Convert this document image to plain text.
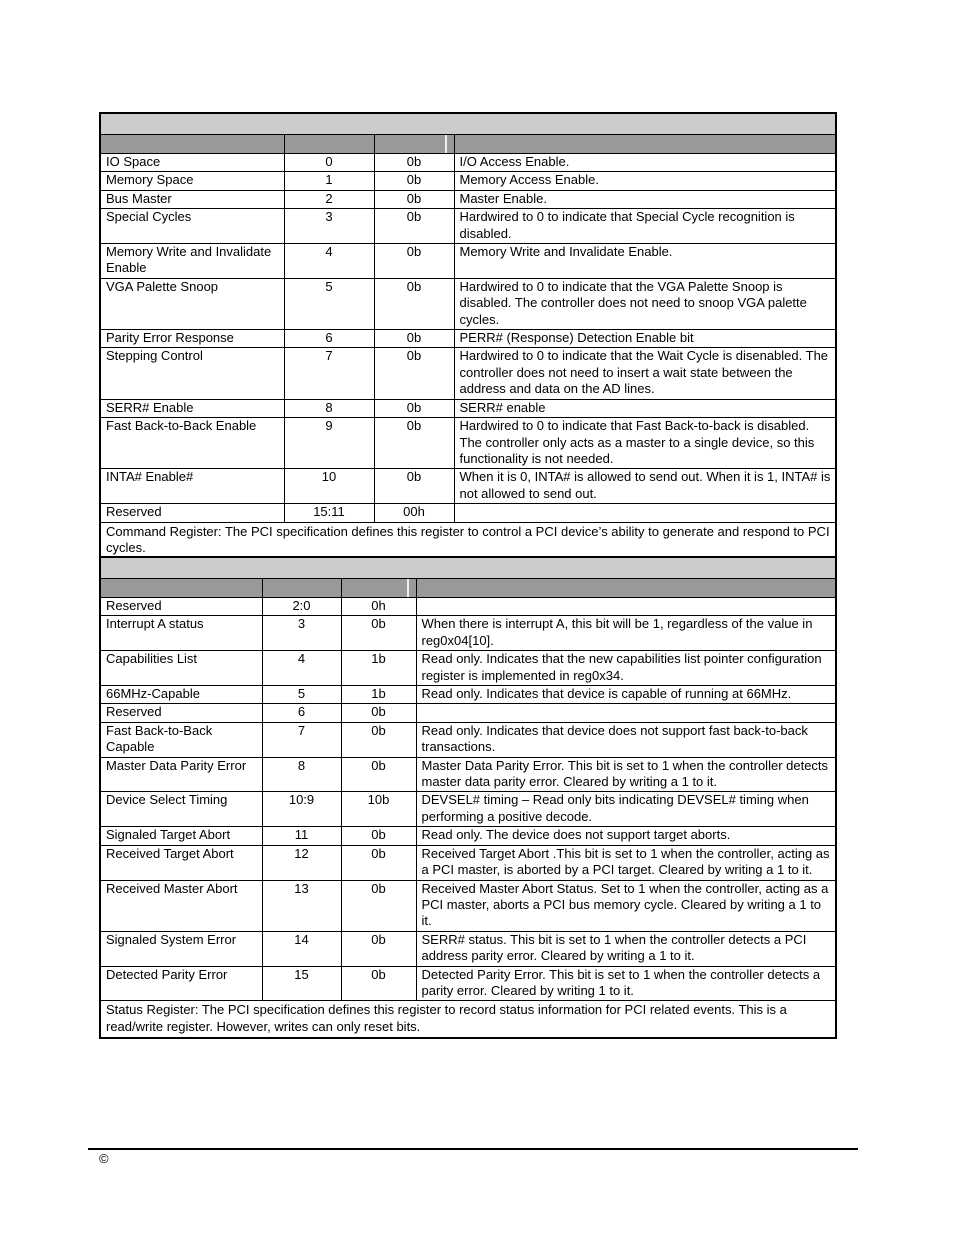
IO Space	0	0b	I/O Access Enable.
Memory Space	1	0b	Memory Access Enable.
Bus Master	2	0b	Master Enable.
Special Cycles	3	0b	Hardwired to 0 to indicate that Special Cycle recognition is disabled.
Memory Write and Invalidate Enable	4	0b	Memory Write and Invalidate Enable.
VGA Palette Snoop	5	0b	Hardwired to 0 to indicate that the VGA Palette Snoop is disabled. The controller does not need to snoop VGA palette cycles.
Parity Error Response	6	0b	PERR# (Response) Detection Enable bit
Stepping Control	7	0b	Hardwired to 0 to indicate that the Wait Cycle is disenabled. The controller does not need to insert a wait state between the address and data on the AD lines.
SERR# Enable	8	0b	SERR# enable
Fast Back-to-Back Enable	9	0b	Hardwired to 0 to indicate that Fast Back-to-back is disabled. The controller only acts as a master to a single device, so this functionality is not needed.
INTA# Enable#	10	0b	When it is 0, INTA# is allowed to send out. When it is 1, INTA# is not allowed to send out.
Reserved	15:11	00h	
Command Register: The PCI specification defines this register to control a PCI device’s ability to generate and respond to PCI cycles.			

Reserved	2:0	0h	
Interrupt A status	3	0b	When there is interrupt A, this bit will be 1, regardless of the value in reg0x04[10].
Capabilities List	4	1b	Read only. Indicates that the new capabilities list pointer configuration register is implemented in reg0x34.
66MHz-Capable	5	1b	Read only. Indicates that device is capable of running at 66MHz.
Reserved	6	0b	
Fast Back-to-Back Capable	7	0b	Read only. Indicates that device does not support fast back-to-back transactions.
Master Data Parity Error	8	0b	Master Data Parity Error. This bit is set to 1 when the controller detects master data parity error. Cleared by writing a 1 to it.
Device Select Timing	10:9	10b	DEVSEL# timing – Read only bits indicating DEVSEL# timing when performing a positive decode.
Signaled Target Abort	11	0b	Read only. The device does not support target aborts.
Received Target Abort	12	0b	Received Target Abort .This bit is set to 1 when the controller, acting as a PCI master, is aborted by a PCI target. Cleared by writing a 1 to it.
Received Master Abort	13	0b	Received Master Abort Status. Set to 1 when the controller, acting as a PCI master, aborts a PCI bus memory cycle. Cleared by writing a 1 to it.
Signaled System Error	14	0b	SERR# status. This bit is set to 1 when the controller detects a PCI address parity error. Cleared by writing a 1 to it.
Detected Parity Error	15	0b	Detected Parity Error. This bit is set to 1 when the controller detects a parity error. Cleared by writing 1 to it.
Status Register: The PCI specification defines this register to record status information for PCI related events. This is a read/write register. However, writes can only reset bits.			
©
